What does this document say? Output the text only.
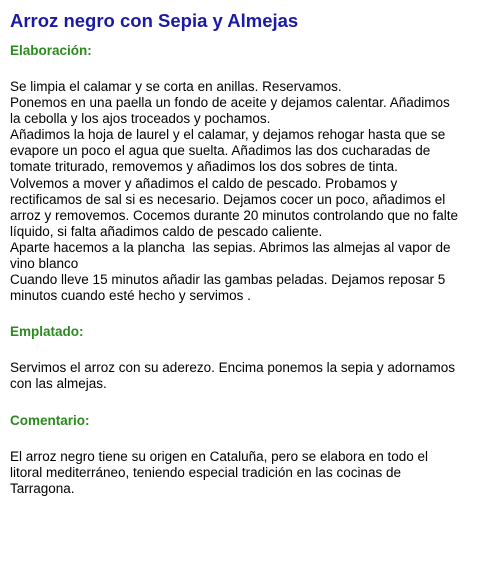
Arroz negro con Sepia y Almejas
Elaboración:
Se limpia el calamar y se corta en anillas. Reservamos.
Ponemos en una paella un fondo de aceite y dejamos calentar. Añadimos
la cebolla y los ajos troceados y pochamos.
Añadimos la hoja de laurel y el calamar, y dejamos rehogar hasta que se
evapore un poco el agua que suelta. Añadimos las dos cucharadas de
tomate triturado, removemos y añadimos los dos sobres de tinta.
Volvemos a mover y añadimos el caldo de pescado. Probamos y
rectificamos de sal si es necesario. Dejamos cocer un poco, añadimos el
arroz y removemos. Cocemos durante 20 minutos controlando que no falte
líquido, si falta añadimos caldo de pescado caliente.
Aparte hacemos a la plancha  las sepias. Abrimos las almejas al vapor de
vino blanco
Cuando lleve 15 minutos añadir las gambas peladas. Dejamos reposar 5
minutos cuando esté hecho y servimos .
Emplatado:
Servimos el arroz con su aderezo. Encima ponemos la sepia y adornamos
con las almejas.
Comentario:
El arroz negro tiene su origen en Cataluña, pero se elabora en todo el
litoral mediterráneo, teniendo especial tradición en las cocinas de
Tarragona.
